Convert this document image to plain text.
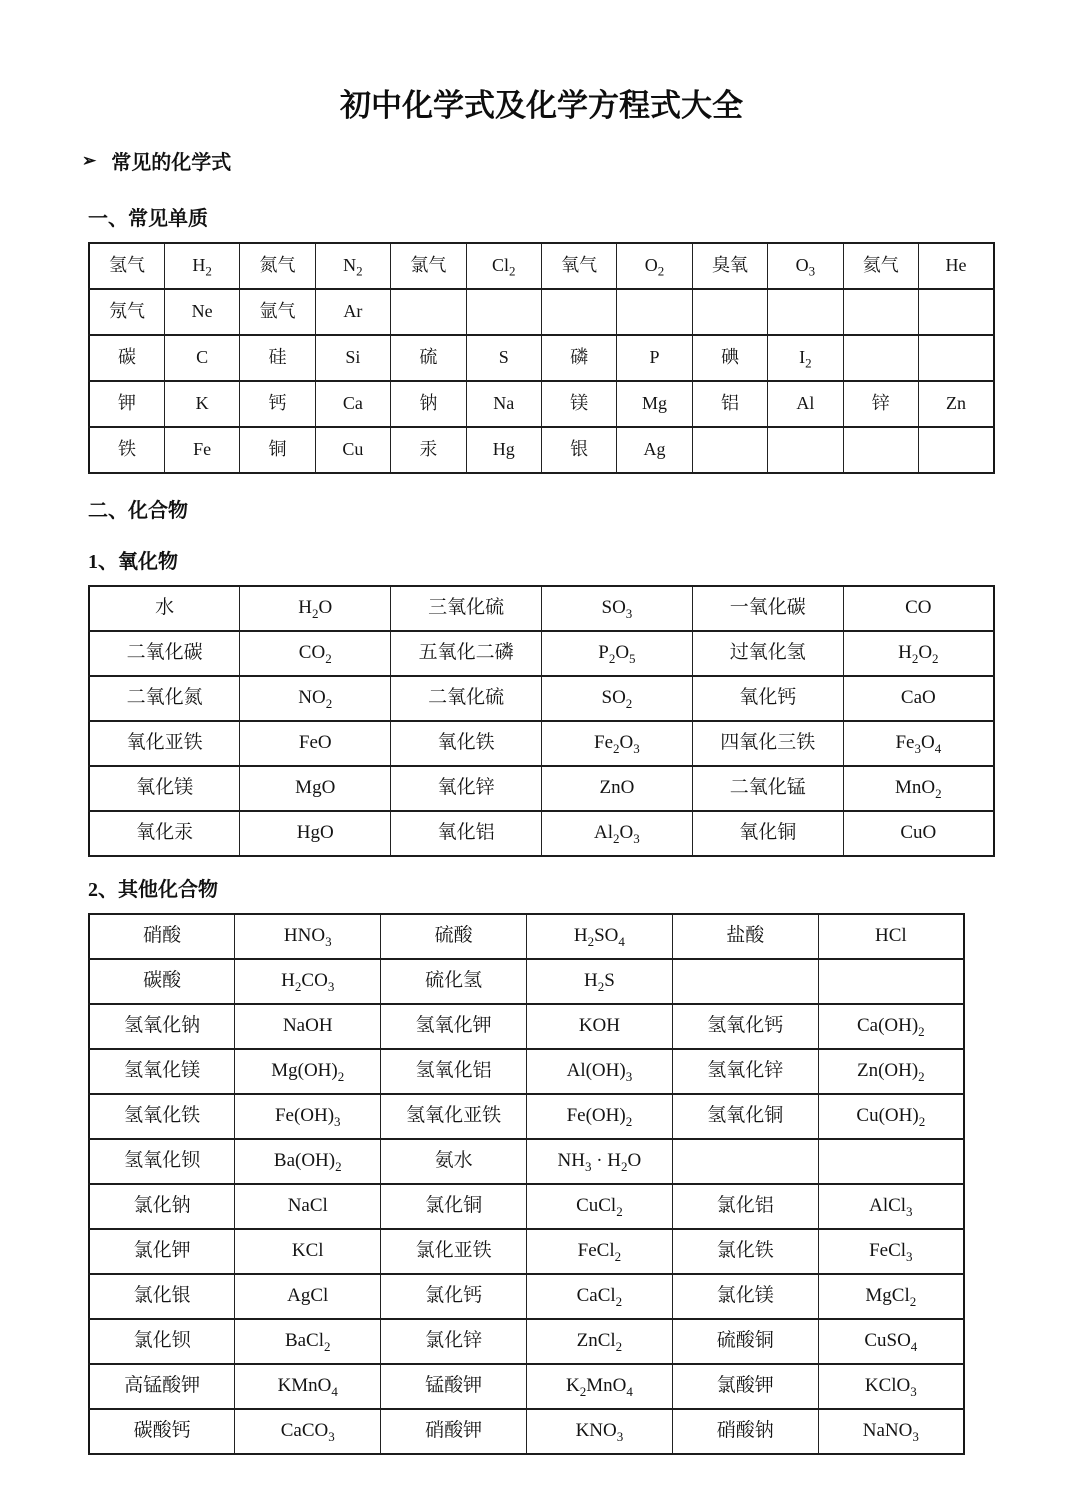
初中化学式及化学方程式大全
➢ 常见的化学式
一、常见单质
氢气	$H_2$	氮气	$N_2$	氯气	$Cl_2$	氧气	$O_2$	臭氧	$O_3$	氦气	He
氖气	Ne	氩气	Ar								
碳	C	硅	Si	硫	S	磷	P	碘	$I_2$		
钾	K	钙	Ca	钠	Na	镁	Mg	铝	Al	锌	Zn
铁	Fe	铜	Cu	汞	Hg	银	Ag				
二、化合物
1、氧化物
水	$H_2O$	三氧化硫	$SO_3$	一氧化碳	CO
二氧化碳	$CO_2$	五氧化二磷	$P_2O_5$	过氧化氢	$H_2O_2$
二氧化氮	$NO_2$	二氧化硫	$SO_2$	氧化钙	CaO
氧化亚铁	FeO	氧化铁	$Fe_2O_3$	四氧化三铁	$Fe_3O_4$
氧化镁	MgO	氧化锌	ZnO	二氧化锰	MnO$_2$
氧化汞	HgO	氧化铝	$Al_2O_3$	氧化铜	CuO
2、其他化合物
硝酸	$HNO_3$	硫酸	$H_2SO_4$	盐酸	HCl
碳酸	$H_2CO_3$	硫化氢	$H_2S$		
氢氧化钠	NaOH	氢氧化钾	KOH	氢氧化钙	$Ca(OH)_2$
氢氧化镁	$Mg(OH)_2$	氢氧化铝	$Al(OH)_3$	氢氧化锌	$Zn(OH)_2$
氢氧化铁	$Fe(OH)_3$	氢氧化亚铁	$Fe(OH)_2$	氢氧化铜	$Cu(OH)_2$
氢氧化钡	$Ba(OH)_2$	氨水	$NH_3 \cdot H_2O$		
氯化钠	NaCl	氯化铜	CuCl$_2$	氯化铝	AlCl$_3$
氯化钾	KCl	氯化亚铁	FeCl$_2$	氯化铁	FeCl$_3$
氯化银	AgCl	氯化钙	CaCl$_2$	氯化镁	MgCl$_2$
氯化钡	BaCl$_2$	氯化锌	ZnCl$_2$	硫酸铜	CuSO$_4$
高锰酸钾	KMnO$_4$	锰酸钾	$K_2MnO_4$	氯酸钾	KClO$_3$
碳酸钙	CaCO$_3$	硝酸钾	$KNO_3$	硝酸钠	NaNO$_3$
